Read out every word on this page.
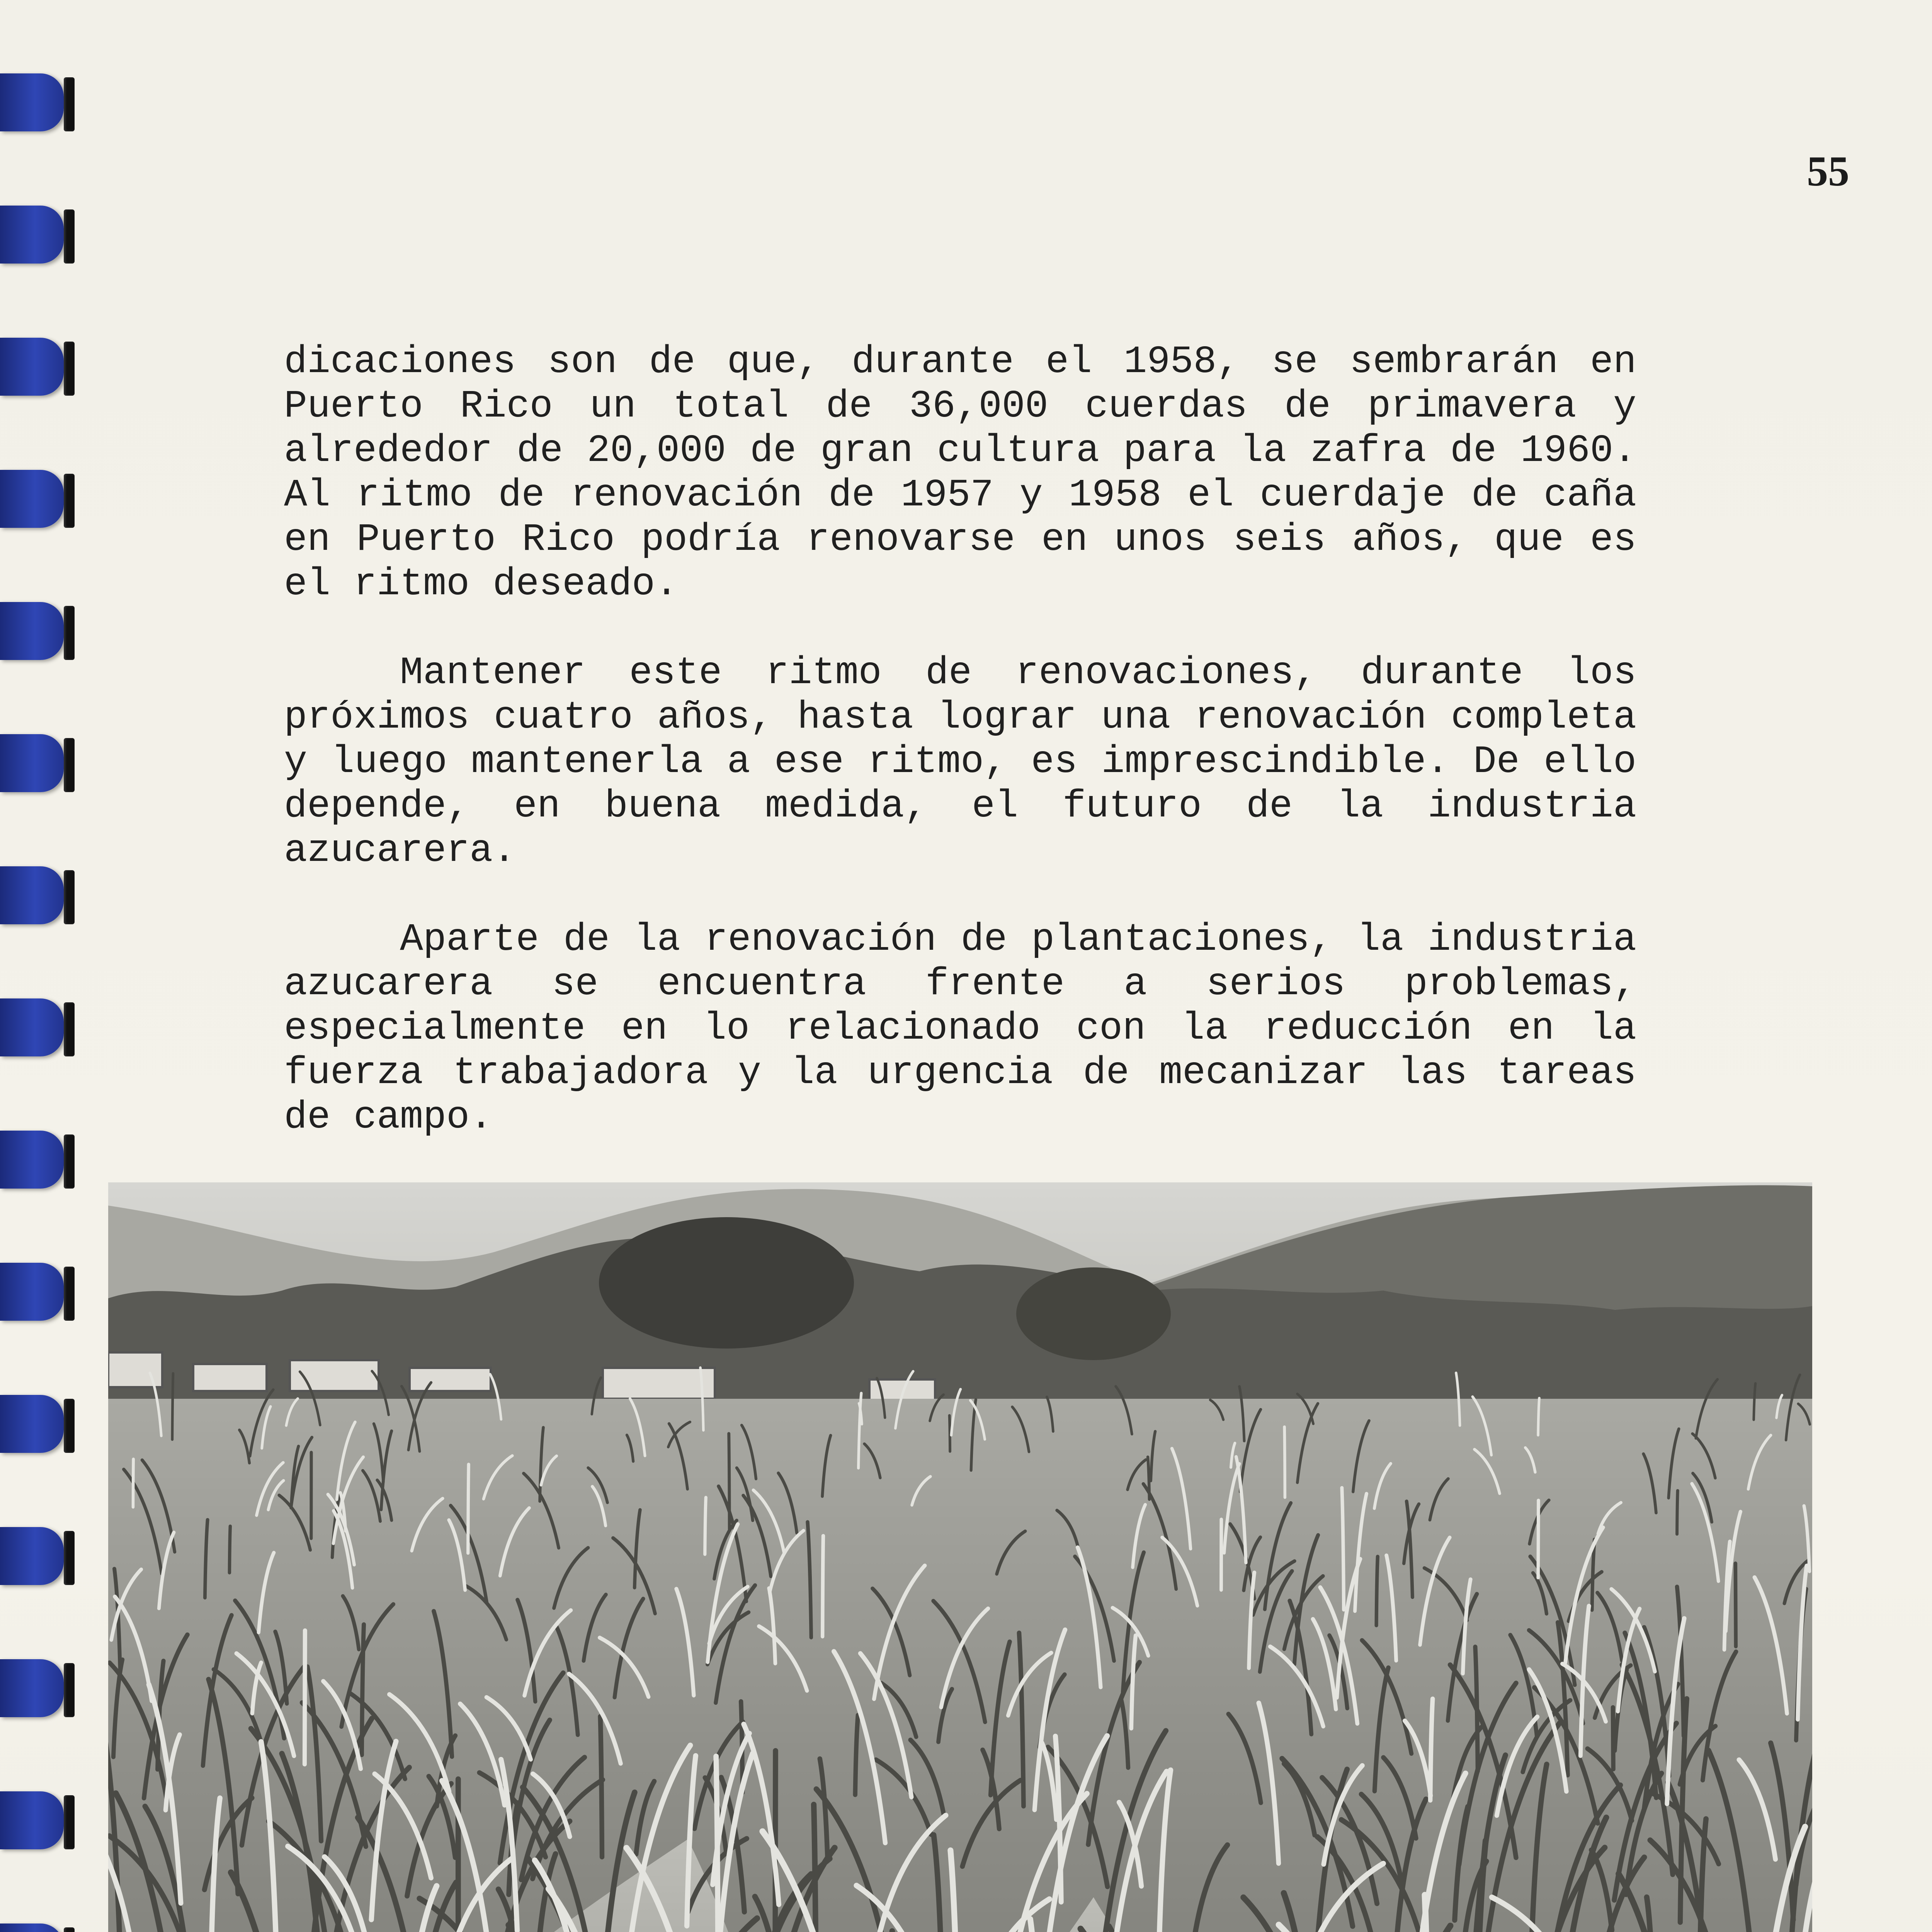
55

dicaciones son de que, durante el 1958, se sembrarán en Puerto Rico un total de 36,000 cuerdas de primavera y alrededor de 20,000 de gran cultura para la zafra de 1960. Al ritmo de renovación de 1957 y 1958 el cuerdaje de caña en Puerto Rico podría renovarse en unos seis años, que es el ritmo deseado.

Mantener este ritmo de renovaciones, durante los próximos cuatro años, hasta lograr una renovación completa y luego mantenerla a ese ritmo, es imprescindible. De ello depende, en buena medida, el futuro de la industria azucarera.

Aparte de la renovación de plantaciones, la industria azucarera se encuentra frente a serios problemas, especialmente en lo relacionado con la reducción en la fuerza trabajadora y la urgencia de mecanizar las tareas de campo.
